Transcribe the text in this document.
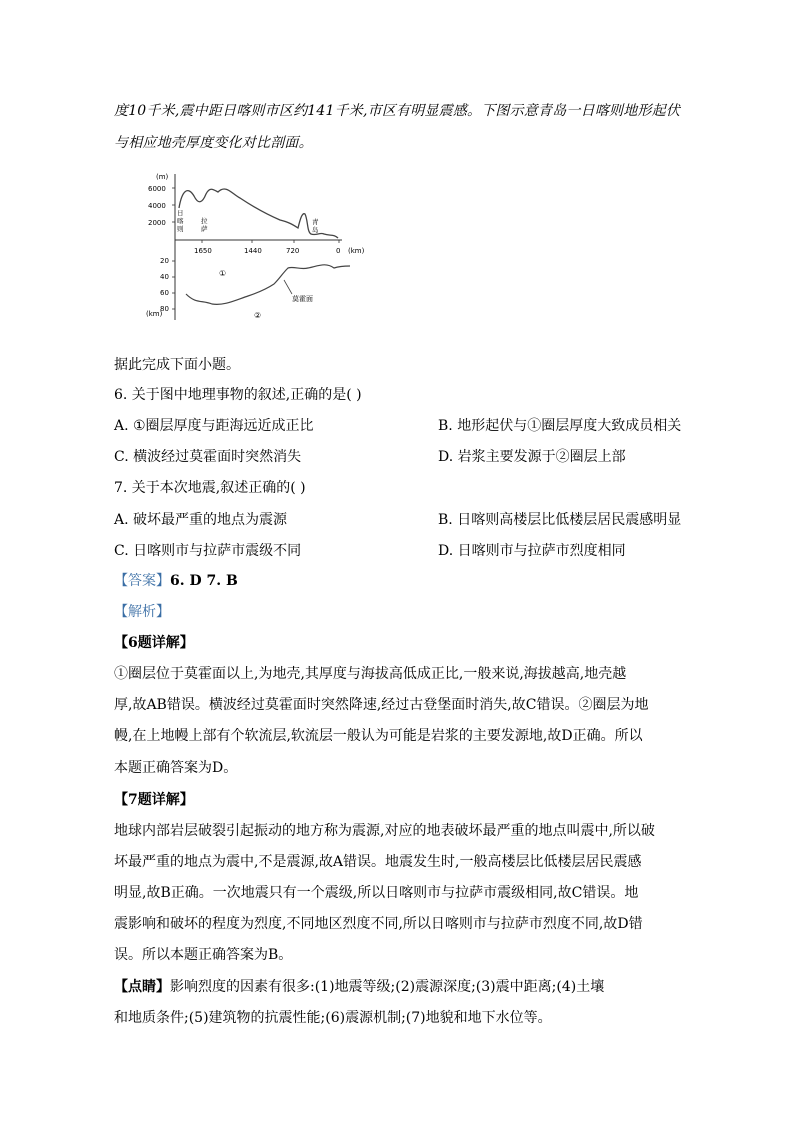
度10千米,震中距日喀则市区约141千米,市区有明显震感。下图示意青岛一日喀则地形起伏
与相应地壳厚度变化对比剖面。
(m)
6000
4000
2000
1650	1440	720	0 (km)
日
喀
则
拉
萨
青
岛
20
40
60
80
(km)
①
②
莫霍面
据此完成下面小题。
6. 关于图中地理事物的叙述,正确的是( )
A. ①圈层厚度与距海远近成正比	B. 地形起伏与①圈层厚度大致成员相关
C. 横波经过莫霍面时突然消失	D. 岩浆主要发源于②圈层上部
7. 关于本次地震,叙述正确的( )
A. 破坏最严重的地点为震源	B. 日喀则高楼层比低楼层居民震感明显
C. 日喀则市与拉萨市震级不同	D. 日喀则市与拉萨市烈度相同
【答案】6. D 7. B
【解析】
【6题详解】
①圈层位于莫霍面以上,为地壳,其厚度与海拔高低成正比,一般来说,海拔越高,地壳越
厚,故AB错误。横波经过莫霍面时突然降速,经过古登堡面时消失,故C错误。②圈层为地
幔,在上地幔上部有个软流层,软流层一般认为可能是岩浆的主要发源地,故D正确。所以
本题正确答案为D。
【7题详解】
地球内部岩层破裂引起振动的地方称为震源,对应的地表破坏最严重的地点叫震中,所以破
坏最严重的地点为震中,不是震源,故A错误。地震发生时,一般高楼层比低楼层居民震感
明显,故B正确。一次地震只有一个震级,所以日喀则市与拉萨市震级相同,故C错误。地
震影响和破坏的程度为烈度,不同地区烈度不同,所以日喀则市与拉萨市烈度不同,故D错
误。所以本题正确答案为B。
【点睛】影响烈度的因素有很多:(1)地震等级;(2)震源深度;(3)震中距离;(4)土壤
和地质条件;(5)建筑物的抗震性能;(6)震源机制;(7)地貌和地下水位等。
